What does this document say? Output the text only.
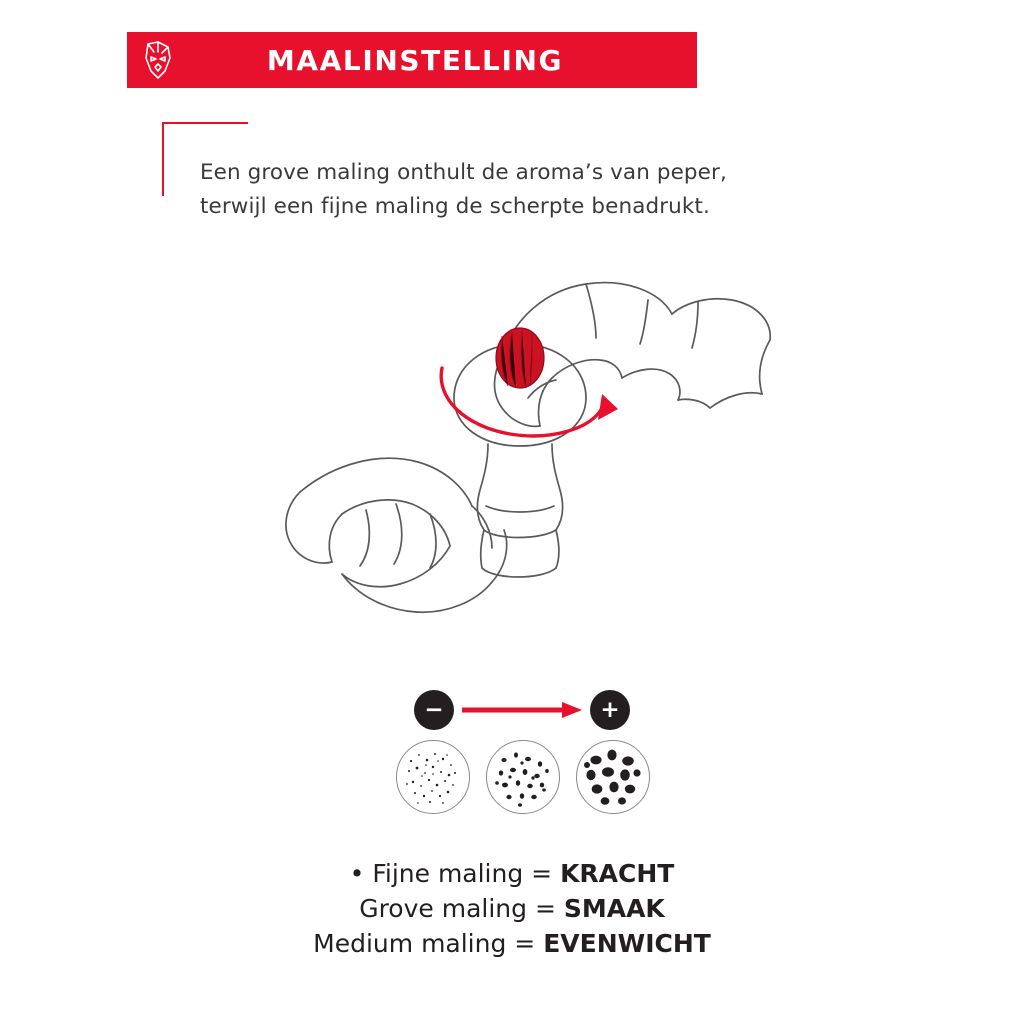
MAALINSTELLING
Een grove maling onthult de aroma’s van peper,
terwijl een fijne maling de scherpte benadrukt.
−	+
• Fijne maling = KRACHT
Grove maling = SMAAK
Medium maling = EVENWICHT
